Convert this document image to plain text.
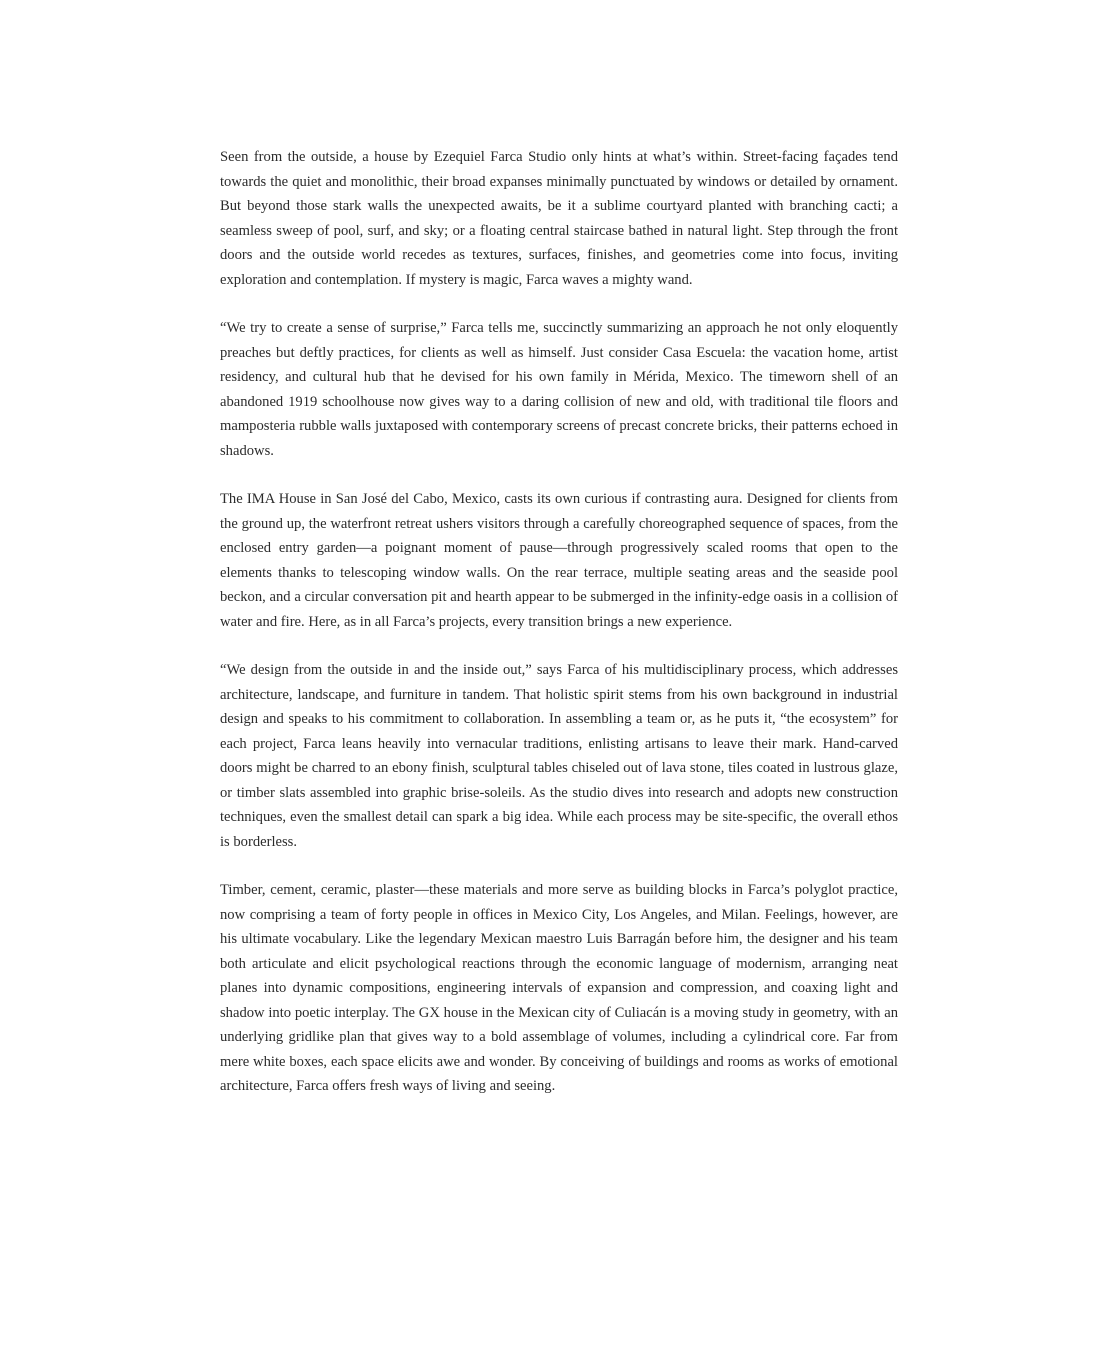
Seen from the outside, a house by Ezequiel Farca Studio only hints at what’s within. Street-facing façades tend towards the quiet and monolithic, their broad expanses minimally punctuated by windows or detailed by ornament. But beyond those stark walls the unexpected awaits, be it a sublime courtyard planted with branching cacti; a seamless sweep of pool, surf, and sky; or a floating central staircase bathed in natural light. Step through the front doors and the outside world recedes as textures, surfaces, finishes, and geometries come into focus, inviting exploration and contemplation. If mystery is magic, Farca waves a mighty wand.

“We try to create a sense of surprise,” Farca tells me, succinctly summarizing an approach he not only eloquently preaches but deftly practices, for clients as well as himself. Just consider Casa Escuela: the vacation home, artist residency, and cultural hub that he devised for his own family in Mérida, Mexico. The timeworn shell of an abandoned 1919 schoolhouse now gives way to a daring collision of new and old, with traditional tile floors and mamposteria rubble walls juxtaposed with contemporary screens of precast concrete bricks, their patterns echoed in shadows.

The IMA House in San José del Cabo, Mexico, casts its own curious if contrasting aura. Designed for clients from the ground up, the waterfront retreat ushers visitors through a carefully choreographed sequence of spaces, from the enclosed entry garden—a poignant moment of pause—through progressively scaled rooms that open to the elements thanks to telescoping window walls. On the rear terrace, multiple seating areas and the seaside pool beckon, and a circular conversation pit and hearth appear to be submerged in the infinity-edge oasis in a collision of water and fire. Here, as in all Farca’s projects, every transition brings a new experience.

“We design from the outside in and the inside out,” says Farca of his multidisciplinary process, which addresses architecture, landscape, and furniture in tandem. That holistic spirit stems from his own background in industrial design and speaks to his commitment to collaboration. In assembling a team or, as he puts it, “the ecosystem” for each project, Farca leans heavily into vernacular traditions, enlisting artisans to leave their mark. Hand-carved doors might be charred to an ebony finish, sculptural tables chiseled out of lava stone, tiles coated in lustrous glaze, or timber slats assembled into graphic brise-soleils. As the studio dives into research and adopts new construction techniques, even the smallest detail can spark a big idea. While each process may be site-specific, the overall ethos is borderless.

Timber, cement, ceramic, plaster—these materials and more serve as building blocks in Farca’s polyglot practice, now comprising a team of forty people in offices in Mexico City, Los Angeles, and Milan. Feelings, however, are his ultimate vocabulary. Like the legendary Mexican maestro Luis Barragán before him, the designer and his team both articulate and elicit psychological reactions through the economic language of modernism, arranging neat planes into dynamic compositions, engineering intervals of expansion and compression, and coaxing light and shadow into poetic interplay. The GX house in the Mexican city of Culiacán is a moving study in geometry, with an underlying gridlike plan that gives way to a bold assemblage of volumes, including a cylindrical core. Far from mere white boxes, each space elicits awe and wonder. By conceiving of buildings and rooms as works of emotional architecture, Farca offers fresh ways of living and seeing.
